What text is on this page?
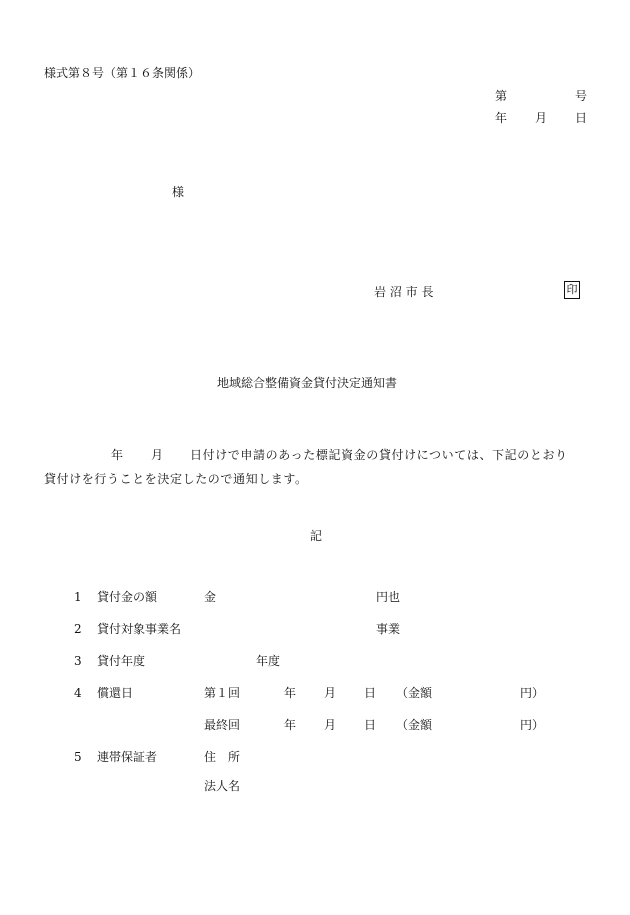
様式第８号（第１６条関係）
第	号
年 月 日
様
岩 沼 市 長	印
地域総合整備資金貸付決定通知書
年 月 日付けで申請のあった標記資金の貸付けについては、下記のとおり
貸付けを行うことを決定したので通知します。
記
1 貸付金の額	金	円也
2 貸付対象事業名	事業
3 貸付年度	年度
4 償還日	第１回	年 月 日 （金額	円）
最終回	年 月 日 （金額	円）
5 連帯保証者	住　所
法人名
